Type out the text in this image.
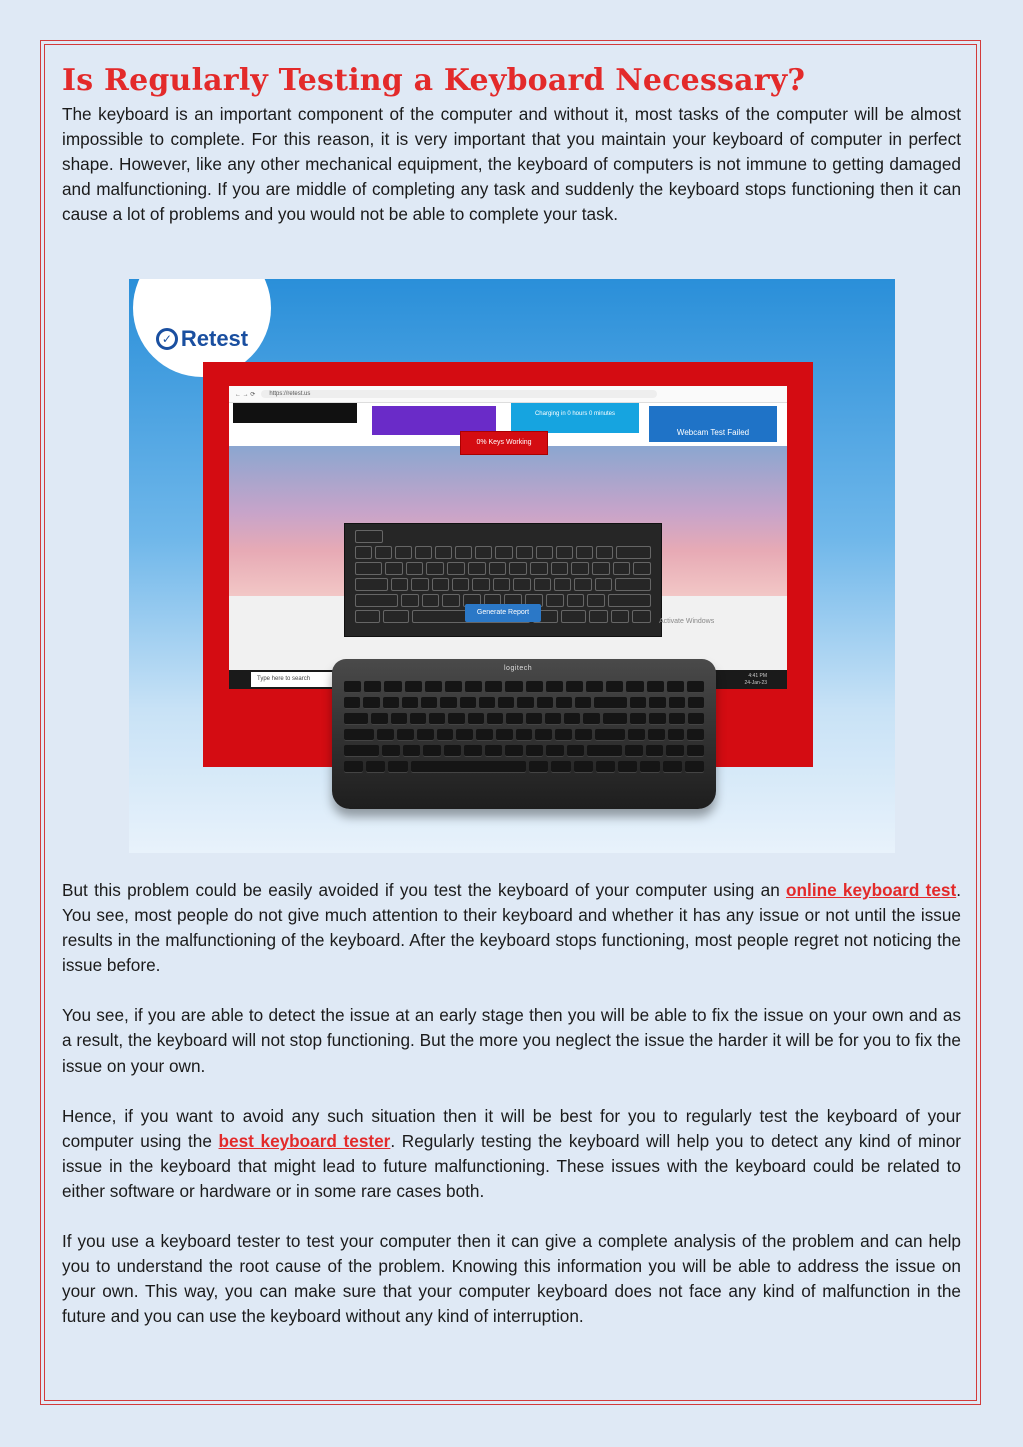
Is Regularly Testing a Keyboard Necessary?

The keyboard is an important component of the computer and without it, most tasks of the computer will be almost impossible to complete. For this reason, it is very important that you maintain your keyboard of computer in perfect shape. However, like any other mechanical equipment, the keyboard of computers is not immune to getting damaged and malfunctioning. If you are middle of completing any task and suddenly the keyboard stops functioning then it can cause a lot of problems and you would not be able to complete your task.

✓ Retest
← → ⟳	https://retest.us
Charging in 0 hours 0 minutes
Webcam Test Failed
0% Keys Working
Generate Report
Activate Windows
Type here to search
4:41 PM
24-Jan-23
logitech

But this problem could be easily avoided if you test the keyboard of your computer using an online keyboard test. You see, most people do not give much attention to their keyboard and whether it has any issue or not until the issue results in the malfunctioning of the keyboard. After the keyboard stops functioning, most people regret not noticing the issue before.

You see, if you are able to detect the issue at an early stage then you will be able to fix the issue on your own and as a result, the keyboard will not stop functioning. But the more you neglect the issue the harder it will be for you to fix the issue on your own.

Hence, if you want to avoid any such situation then it will be best for you to regularly test the keyboard of your computer using the best keyboard tester. Regularly testing the keyboard will help you to detect any kind of minor issue in the keyboard that might lead to future malfunctioning. These issues with the keyboard could be related to either software or hardware or in some rare cases both.

If you use a keyboard tester to test your computer then it can give a complete analysis of the problem and can help you to understand the root cause of the problem. Knowing this information you will be able to address the issue on your own. This way, you can make sure that your computer keyboard does not face any kind of malfunction in the future and you can use the keyboard without any kind of interruption.
